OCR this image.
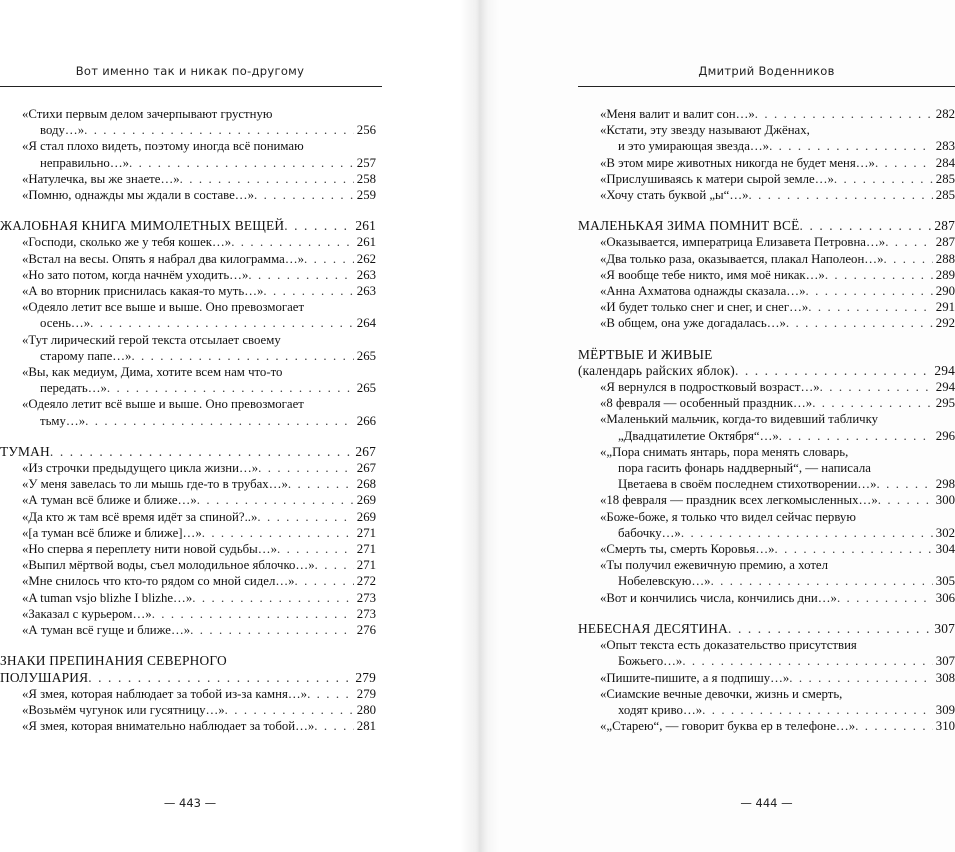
Вот именно так и никак по-другому
«Стихи первым делом зачерпывают грустную
воду…» . . .	256
«Я стал плохо видеть, поэтому иногда всё понимаю
неправильно…» . . .	257
«Натулечка, вы же знаете…» . . .	258
«Помню, однажды мы ждали в составе…» . . .	259
ЖАЛОБНАЯ КНИГА МИМОЛЕТНЫХ ВЕЩЕЙ . . .	261
«Господи, сколько же у тебя кошек…» . . .	261
«Встал на весы. Опять я набрал два килограмма…» . . .	262
«Но зато потом, когда начнём уходить…» . . .	263
«А во вторник приснилась какая-то муть…» . . .	263
«Одеяло летит все выше и выше. Оно превозмогает
осень…» . . .	264
«Тут лирический герой текста отсылает своему
старому папе…» . . .	265
«Вы, как медиум, Дима, хотите всем нам что-то
передать…» . . .	265
«Одеяло летит всё выше и выше. Оно превозмогает
тьму…» . . .	266
ТУМАН . . .	267
«Из строчки предыдущего цикла жизни…» . . .	267
«У меня завелась то ли мышь где-то в трубах…» . . .	268
«А туман всё ближе и ближе…» . . .	269
«Да кто ж там всё время идёт за спиной?..» . . .	269
«[а туман всё ближе и ближе]…» . . .	271
«Но сперва я переплету нити новой судьбы…» . . .	271
«Выпил мёртвой воды, съел молодильное яблочко…» . . .	271
«Мне снилось что кто-то рядом со мной сидел…» . . .	272
«A tuman vsjo blizhe I blizhe…» . . .	273
«Заказал с курьером…» . . .	273
«А туман всё гуще и ближе…» . . .	276
ЗНАКИ ПРЕПИНАНИЯ СЕВЕРНОГО
ПОЛУШАРИЯ . . .	279
«Я змея, которая наблюдает за тобой из-за камня…» . . .	279
«Возьмём чугунок или гусятницу…» . . .	280
«Я змея, которая внимательно наблюдает за тобой…» . . .	281
— 443 —
Дмитрий Воденников
«Меня валит и валит сон…» . . .	282
«Кстати, эту звезду называют Джёнах,
и это умирающая звезда…» . . .	283
«В этом мире животных никогда не будет меня…» . . .	284
«Прислушиваясь к матери сырой земле…» . . .	285
«Хочу стать буквой „ы“…» . . .	285
МАЛЕНЬКАЯ ЗИМА ПОМНИТ ВСЁ . . .	287
«Оказывается, императрица Елизавета Петровна…» . . .	287
«Два только раза, оказывается, плакал Наполеон…» . . .	288
«Я вообще тебе никто, имя моё никак…» . . .	289
«Анна Ахматова однажды сказала…» . . .	290
«И будет только снег и снег, и снег…» . . .	291
«В общем, она уже догадалась…» . . .	292
МЁРТВЫЕ И ЖИВЫЕ
(календарь райских яблок) . . .	294
«Я вернулся в подростковый возраст…» . . .	294
«8 февраля — особенный праздник…» . . .	295
«Маленький мальчик, когда-то видевший табличку
„Двадцатилетие Октября“…» . . .	296
«„Пора снимать янтарь, пора менять словарь,
пора гасить фонарь наддверный“, — написала
Цветаева в своём последнем стихотворении…» . . .	298
«18 февраля — праздник всех легкомысленных…» . . .	300
«Боже-боже, я только что видел сейчас первую
бабочку…» . . .	302
«Смерть ты, смерть Коровья…» . . .	304
«Ты получил ежевичную премию, а хотел
Нобелевскую…» . . .	305
«Вот и кончились числа, кончились дни…» . . .	306
НЕБЕСНАЯ ДЕСЯТИНА . . .	307
«Опыт текста есть доказательство присутствия
Божьего…» . . .	307
«Пишите-пишите, а я подпишу…» . . .	308
«Сиамские вечные девочки, жизнь и смерть,
ходят криво…» . . .	309
«„Старею“, — говорит буква ер в телефоне…» . . .	310
— 444 —
